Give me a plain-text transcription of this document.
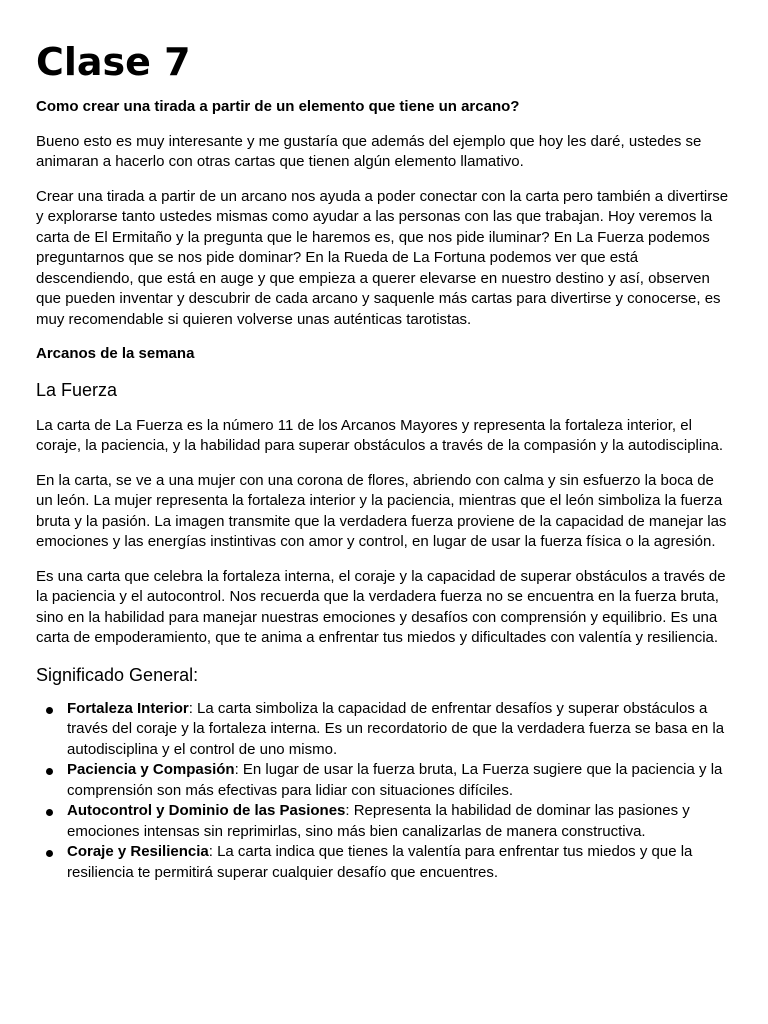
Clase 7
Como crear una tirada a partir de un elemento que tiene un arcano?

Bueno esto es muy interesante y me gustaría que además del ejemplo que hoy les daré, ustedes se animaran a hacerlo con otras cartas que tienen algún elemento llamativo.

Crear una tirada a partir de un arcano nos ayuda a poder conectar con la carta pero también a divertirse y explorarse tanto ustedes mismas como ayudar a las personas con las que trabajan. Hoy veremos la carta de El Ermitaño y la pregunta que le haremos es, que nos pide iluminar? En La Fuerza podemos preguntarnos que se nos pide dominar? En la Rueda de La Fortuna podemos ver que está descendiendo, que está en auge y que empieza a querer elevarse en nuestro destino y así, observen que pueden inventar y descubrir de cada arcano y saquenle más cartas para divertirse y conocerse, es muy recomendable si quieren volverse unas auténticas tarotistas.

Arcanos de la semana
La Fuerza

La carta de La Fuerza es la número 11 de los Arcanos Mayores y representa la fortaleza interior, el coraje, la paciencia, y la habilidad para superar obstáculos a través de la compasión y la autodisciplina.

En la carta, se ve a una mujer con una corona de flores, abriendo con calma y sin esfuerzo la boca de un león. La mujer representa la fortaleza interior y la paciencia, mientras que el león simboliza la fuerza bruta y la pasión. La imagen transmite que la verdadera fuerza proviene de la capacidad de manejar las emociones y las energías instintivas con amor y control, en lugar de usar la fuerza física o la agresión.

Es una carta que celebra la fortaleza interna, el coraje y la capacidad de superar obstáculos a través de la paciencia y el autocontrol. Nos recuerda que la verdadera fuerza no se encuentra en la fuerza bruta, sino en la habilidad para manejar nuestras emociones y desafíos con comprensión y equilibrio. Es una carta de empoderamiento, que te anima a enfrentar tus miedos y dificultades con valentía y resiliencia.

Significado General:
Fortaleza Interior: La carta simboliza la capacidad de enfrentar desafíos y superar obstáculos a través del coraje y la fortaleza interna. Es un recordatorio de que la verdadera fuerza se basa en la autodisciplina y el control de uno mismo.
Paciencia y Compasión: En lugar de usar la fuerza bruta, La Fuerza sugiere que la paciencia y la comprensión son más efectivas para lidiar con situaciones difíciles.
Autocontrol y Dominio de las Pasiones: Representa la habilidad de dominar las pasiones y emociones intensas sin reprimirlas, sino más bien canalizarlas de manera constructiva.
Coraje y Resiliencia: La carta indica que tienes la valentía para enfrentar tus miedos y que la resiliencia te permitirá superar cualquier desafío que encuentres.
